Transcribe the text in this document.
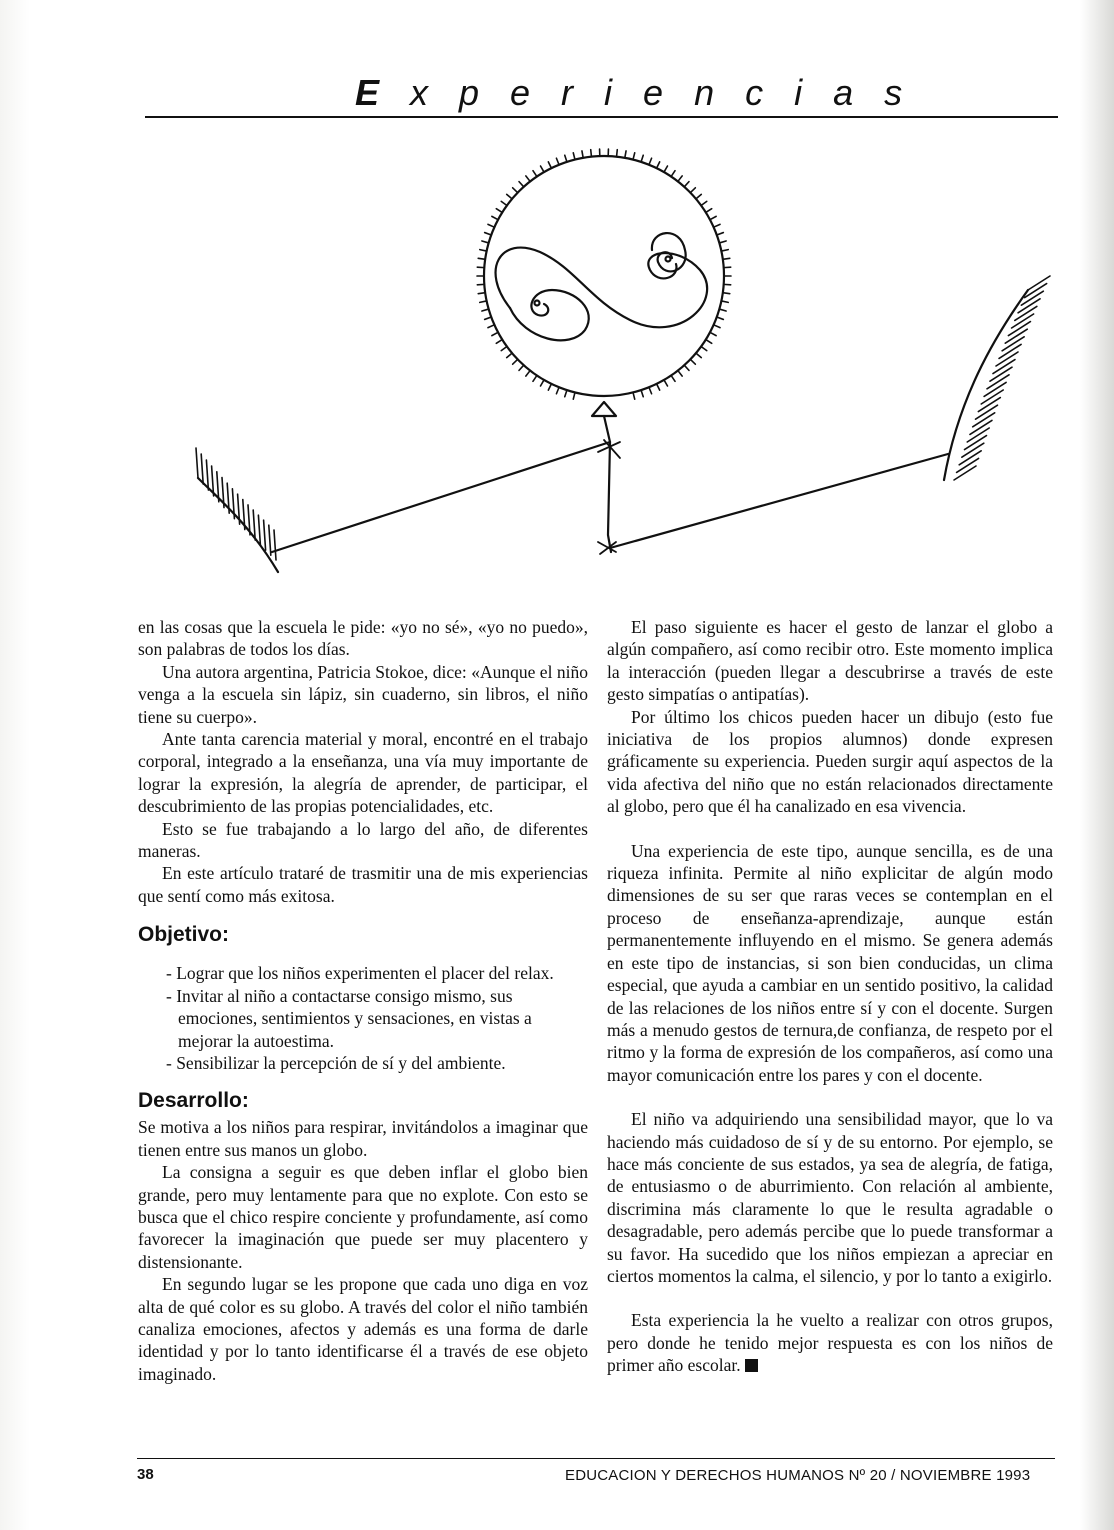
Experiencias

en las cosas que la escuela le pide: «yo no sé», «yo no puedo», son palabras de todos los días.

Una autora argentina, Patricia Stokoe, dice: «Aunque el niño venga a la escuela sin lápiz, sin cuaderno, sin libros, el niño tiene su cuerpo».

Ante tanta carencia material y moral, encontré en el trabajo corporal, integrado a la enseñanza, una vía muy importante de lograr la expresión, la alegría de aprender, de participar, el descubrimiento de las propias potencialidades, etc.

Esto se fue trabajando a lo largo del año, de diferentes maneras.

En este artículo trataré de trasmitir una de mis experiencias que sentí como más exitosa.

Objetivo:
- Lograr que los niños experimenten el placer del relax.
- Invitar al niño a contactarse consigo mismo, sus emociones, sentimientos y sensaciones, en vistas a mejorar la autoestima.
- Sensibilizar la percepción de sí y del ambiente.
Desarrollo:

Se motiva a los niños para respirar, invitándolos a imaginar que tienen entre sus manos un globo.

La consigna a seguir es que deben inflar el globo bien grande, pero muy lentamente para que no explote. Con esto se busca que el chico respire conciente y profundamente, así como favorecer la imaginación que puede ser muy placentero y distensionante.

En segundo lugar se les propone que cada uno diga en voz alta de qué color es su globo. A través del color el niño también canaliza emociones, afectos y además es una forma de darle identidad y por lo tanto identificarse él a través de ese objeto imaginado.

El paso siguiente es hacer el gesto de lanzar el globo a algún compañero, así como recibir otro. Este momento implica la interacción (pueden llegar a descubrirse a través de este gesto simpatías o antipatías).

Por último los chicos pueden hacer un dibujo (esto fue iniciativa de los propios alumnos) donde expresen gráficamente su experiencia. Pueden surgir aquí aspectos de la vida afectiva del niño que no están relacionados directamente al globo, pero que él ha canalizado en esa vivencia.

Una experiencia de este tipo, aunque sencilla, es de una riqueza infinita. Permite al niño explicitar de algún modo dimensiones de su ser que raras veces se contemplan en el proceso de enseñanza-aprendizaje, aunque están permanentemente influyendo en el mismo. Se genera además en este tipo de instancias, si son bien conducidas, un clima especial, que ayuda a cambiar en un sentido positivo, la calidad de las relaciones de los niños entre sí y con el docente. Surgen más a menudo gestos de ternura,de confianza, de respeto por el ritmo y la forma de expresión de los compañeros, así como una mayor comunicación entre los pares y con el docente.

El niño va adquiriendo una sensibilidad mayor, que lo va haciendo más cuidadoso de sí y de su entorno. Por ejemplo, se hace más conciente de sus estados, ya sea de alegría, de fatiga, de entusiasmo o de aburrimiento. Con relación al ambiente, discrimina más claramente lo que le resulta agradable o desagradable, pero además percibe que lo puede transformar a su favor. Ha sucedido que los niños empiezan a apreciar en ciertos momentos la calma, el silencio, y por lo tanto a exigirlo.

Esta experiencia la he vuelto a realizar con otros grupos, pero donde he tenido mejor respuesta es con los niños de primer año escolar.

38	EDUCACION Y DERECHOS HUMANOS Nº 20 / NOVIEMBRE 1993
